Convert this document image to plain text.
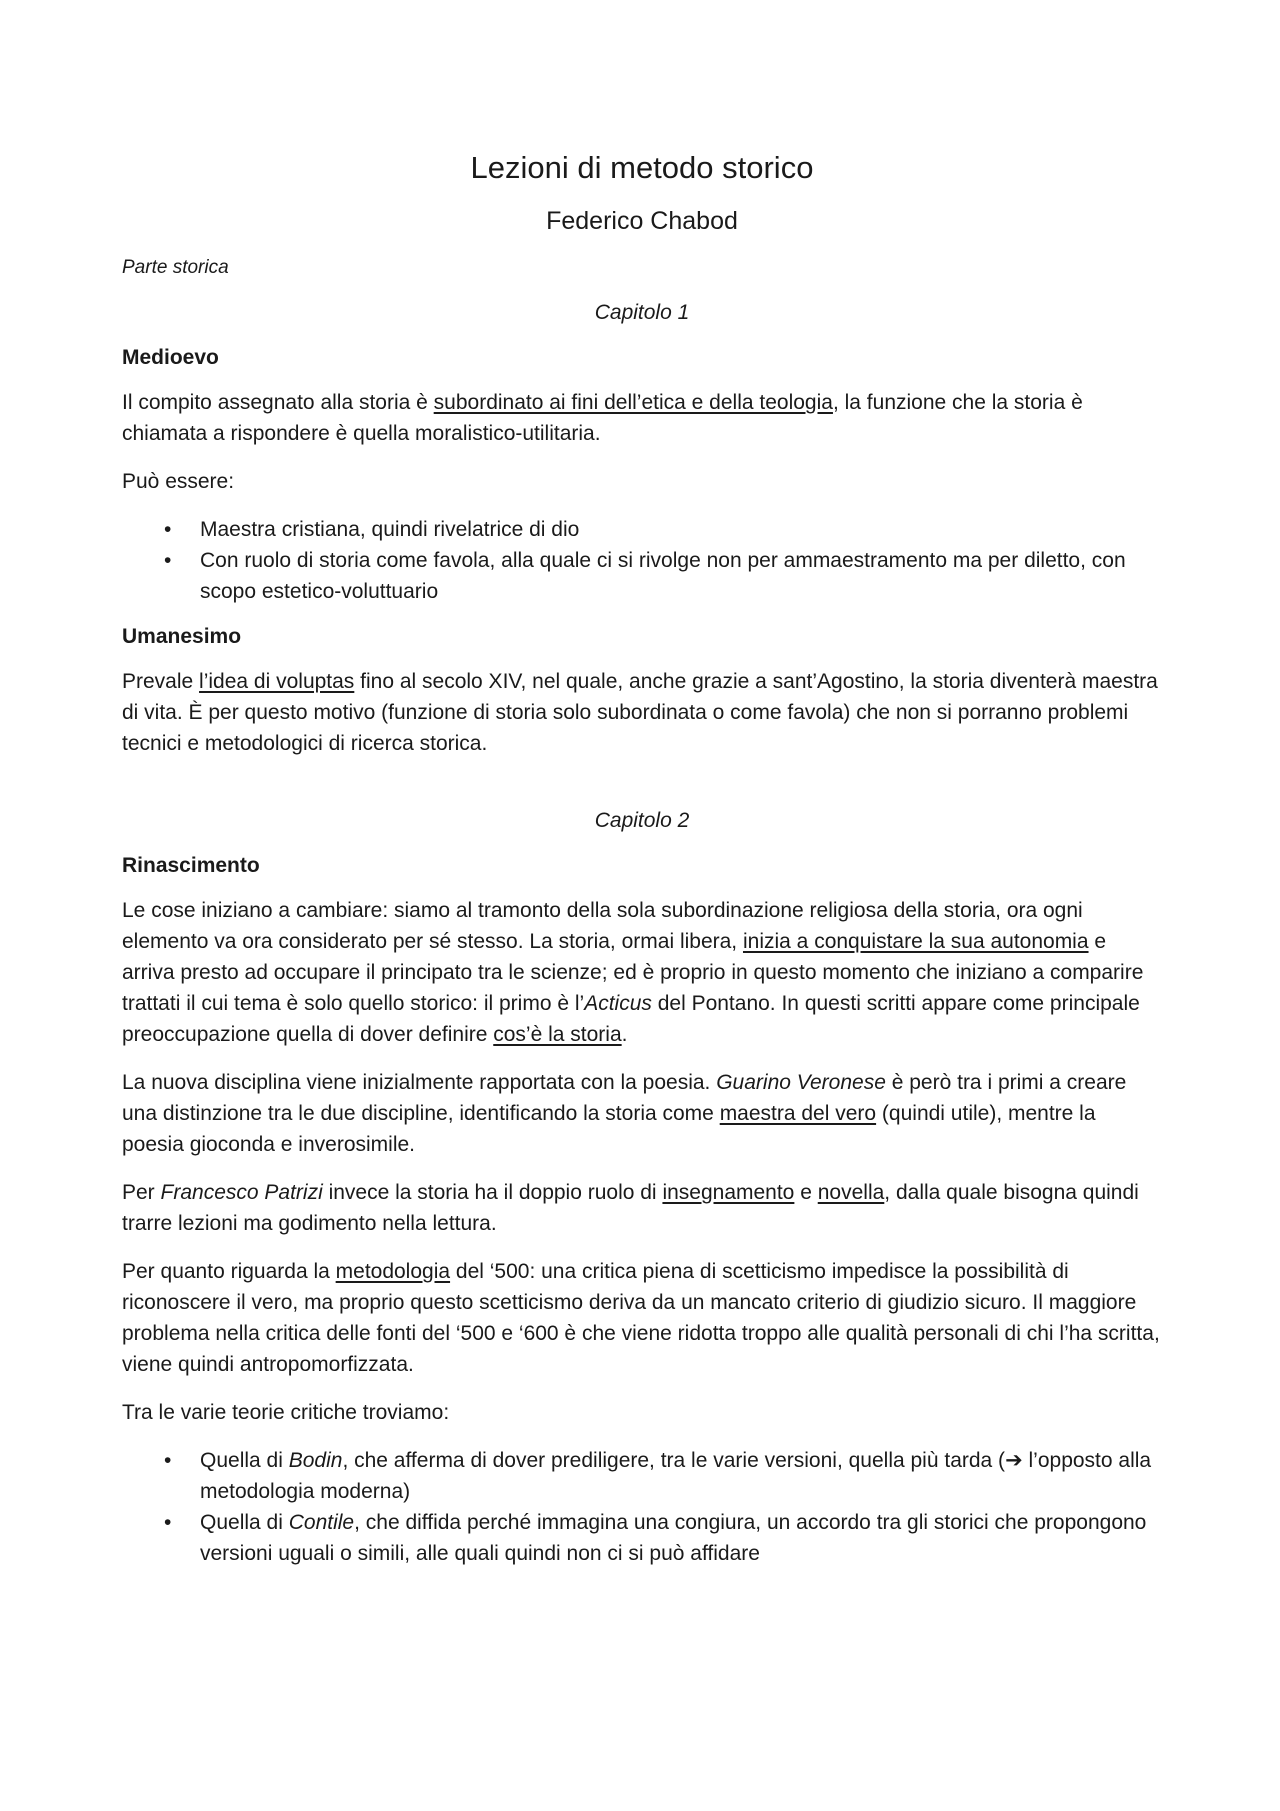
Lezioni di metodo storico
Federico Chabod
Parte storica
Capitolo 1
Medioevo

Il compito assegnato alla storia è subordinato ai fini dell’etica e della teologia, la funzione che la storia è chiamata a rispondere è quella moralistico-utilitaria.

Può essere:

• Maestra cristiana, quindi rivelatrice di dio
• Con ruolo di storia come favola, alla quale ci si rivolge non per ammaestramento ma per diletto, con scopo estetico-voluttuario
Umanesimo

Prevale l’idea di voluptas fino al secolo XIV, nel quale, anche grazie a sant’Agostino, la storia diventerà maestra di vita. È per questo motivo (funzione di storia solo subordinata o come favola) che non si porranno problemi tecnici e metodologici di ricerca storica.

Capitolo 2
Rinascimento

Le cose iniziano a cambiare: siamo al tramonto della sola subordinazione religiosa della storia, ora ogni elemento va ora considerato per sé stesso. La storia, ormai libera, inizia a conquistare la sua autonomia e arriva presto ad occupare il principato tra le scienze; ed è proprio in questo momento che iniziano a comparire trattati il cui tema è solo quello storico: il primo è l’Acticus del Pontano. In questi scritti appare come principale preoccupazione quella di dover definire cos’è la storia.

La nuova disciplina viene inizialmente rapportata con la poesia. Guarino Veronese è però tra i primi a creare una distinzione tra le due discipline, identificando la storia come maestra del vero (quindi utile), mentre la poesia gioconda e inverosimile.

Per Francesco Patrizi invece la storia ha il doppio ruolo di insegnamento e novella, dalla quale bisogna quindi trarre lezioni ma godimento nella lettura.

Per quanto riguarda la metodologia del ‘500: una critica piena di scetticismo impedisce la possibilità di riconoscere il vero, ma proprio questo scetticismo deriva da un mancato criterio di giudizio sicuro. Il maggiore problema nella critica delle fonti del ‘500 e ‘600 è che viene ridotta troppo alle qualità personali di chi l’ha scritta, viene quindi antropomorfizzata.

Tra le varie teorie critiche troviamo:

• Quella di Bodin, che afferma di dover prediligere, tra le varie versioni, quella più tarda (➔ l’opposto alla metodologia moderna)
• Quella di Contile, che diffida perché immagina una congiura, un accordo tra gli storici che propongono versioni uguali o simili, alle quali quindi non ci si può affidare
